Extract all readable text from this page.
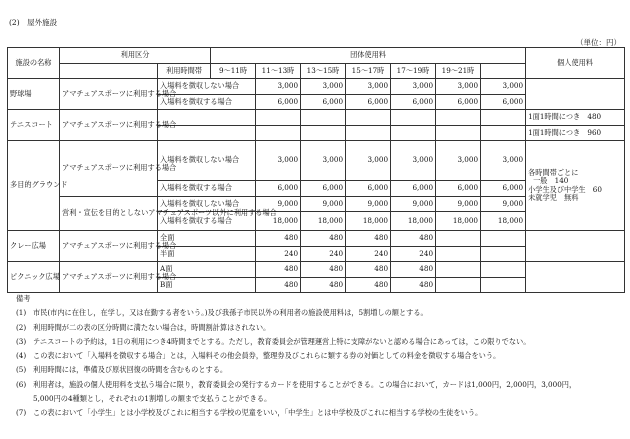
(2)　屋外施設
（単位：円）
施設の名称	利用区分		団体使用料							個人使用料
		利用時間帯	9〜11時	11〜13時	13〜15時	15〜17時	17〜19時	19〜21時		
野球場	アマチュアスポーツに利用する場合	入場料を徴収しない場合		3,000	3,000	3,000	3,000	3,000	3,000	
		入場料を徴収する場合		6,000	6,000	6,000	6,000	6,000	6,000	
テニスコート	アマチュアスポーツに利用する場合									1面1時間につき　480
										1面1時間につき　960
多目的グラウンド	アマチュアスポーツに利用する場合	入場料を徴収しない場合		3,000	3,000	3,000	3,000	3,000	3,000	各時間帯ごとに
一般　140
小学生及び中学生　60
未就学児　無料

		入場料を徴収する場合		6,000	6,000	6,000	6,000	6,000	6,000	
	営利・宣伝を目的としないアマチュアスポーツ以外に利用する場合	入場料を徴収しない場合		9,000	9,000	9,000	9,000	9,000	9,000	
		入場料を徴収する場合		18,000	18,000	18,000	18,000	18,000	18,000	
クレー広場	アマチュアスポーツに利用する場合	全面		480	480	480	480			
		半面		240	240	240	240			
ピクニック広場	アマチュアスポーツに利用する場合	A面		480	480	480	480			
		B面		480	480	480	480			
備考
(1) 市民(市内に在住し，在学し，又は在勤する者をいう。)及び我孫子市民以外の利用者の施設使用料は，5割増しの額とする。
(2) 利用時間が二の表の区分時間に満たない場合は，時間割計算はされない。
(3) テニスコートの予約は，1日の利用につき4時間までとする。ただし，教育委員会が管理運営上特に支障がないと認める場合にあっては，この限りでない。
(4) この表において「入場料を徴収する場合」とは，入場料その他会員券，整理券及びこれらに類する券の対価としての料金を徴収する場合をいう。
(5) 利用時間には，準備及び原状回復の時間を含むものとする。
(6) 利用者は，施設の個人使用料を支払う場合に限り，教育委員会の発行するカードを使用することができる。この場合において，カードは1,000円，2,000円，3,000円，
5,000円の4種類とし，それぞれの1割増しの額まで支払うことができる。
(7) この表において「小学生」とは小学校及びこれに相当する学校の児童をいい，「中学生」とは中学校及びこれに相当する学校の生徒をいう。
